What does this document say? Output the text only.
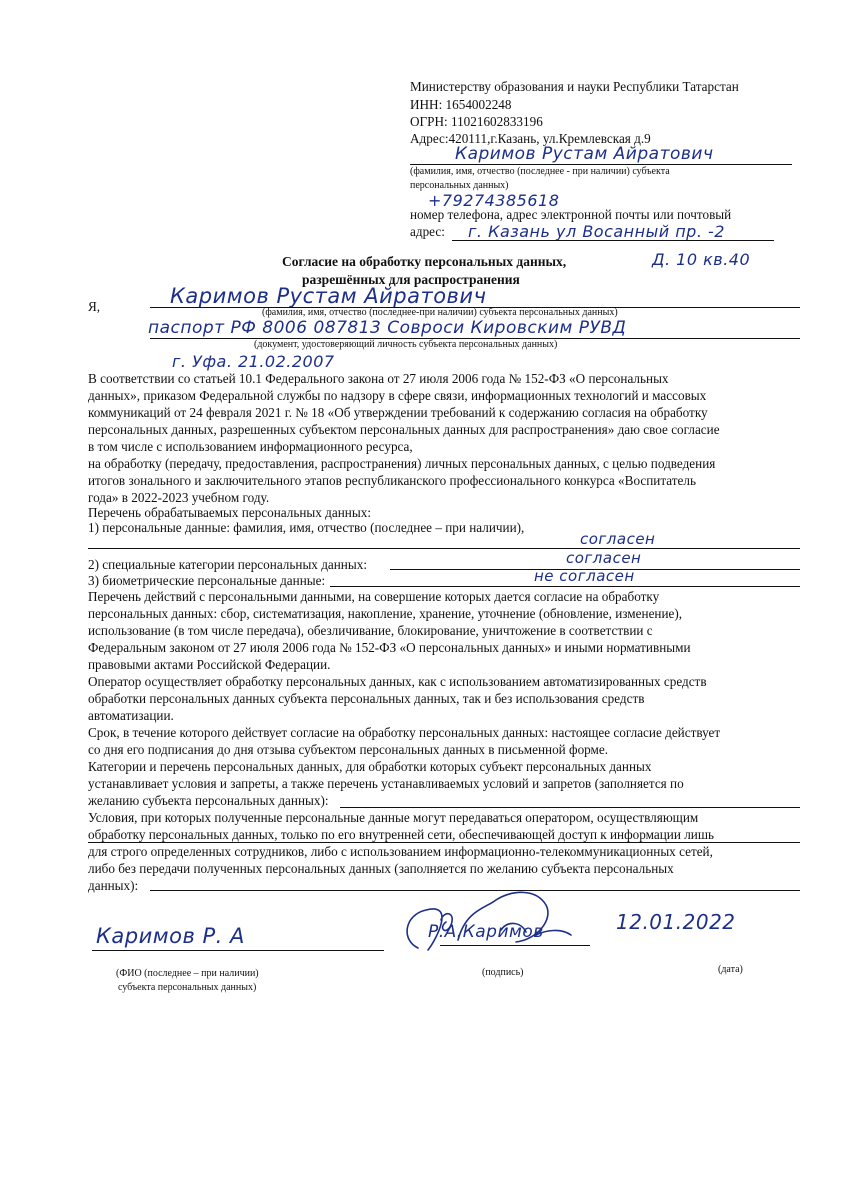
Министерству образования и науки Республики Татарстан
ИНН: 1654002248
ОГРН: 11021602833196
Адрес:420111,г.Казань, ул.Кремлевская д.9
Каримов Рустам Айратович
(фамилия, имя, отчество (последнее - при наличии) субъекта
персональных данных)
+79274385618
номер телефона, адрес электронной почты или почтовый
адрес: г. Казань ул Восанный пр. -2
Д. 10 кв.40
Согласие на обработку персональных данных,
разрешённых для распространения
Я,	Каримов Рустам Айратович
(фамилия, имя, отчество (последнее-при наличии) субъекта персональных данных)
паспорт РФ 8006 087813 Совроси Кировским РУВД
(документ, удостоверяющий личность субъекта персональных данных)
г. Уфа. 21.02.2007
В соответствии со статьей 10.1 Федерального закона от 27 июля 2006 года № 152-ФЗ «О персональных
данных», приказом Федеральной службы по надзору в сфере связи, информационных технологий и массовых
коммуникаций от 24 февраля 2021 г. № 18 «Об утверждении требований к содержанию согласия на обработку
персональных данных, разрешенных субъектом персональных данных для распространения» даю свое согласие
в том числе с использованием информационного ресурса,
на обработку (передачу, предоставления, распространения) личных персональных данных, с целью подведения
итогов зонального и заключительного этапов республиканского профессионального конкурса «Воспитатель
года» в 2022-2023 учебном году.
Перечень обрабатываемых персональных данных:
1) персональные данные: фамилия, имя, отчество (последнее – при наличии),
согласен
2) специальные категории персональных данных:	согласен
3) биометрические персональные данные:	не согласен
Перечень действий с персональными данными, на совершение которых дается согласие на обработку
персональных данных: сбор, систематизация, накопление, хранение, уточнение (обновление, изменение),
использование (в том числе передача), обезличивание, блокирование, уничтожение в соответствии с
Федеральным законом от 27 июля 2006 года № 152-ФЗ «О персональных данных» и иными нормативными
правовыми актами Российской Федерации.
Оператор осуществляет обработку персональных данных, как с использованием автоматизированных средств
обработки персональных данных субъекта персональных данных, так и без использования средств
автоматизации.
Срок, в течение которого действует согласие на обработку персональных данных: настоящее согласие действует
со дня его подписания до дня отзыва субъектом персональных данных в письменной форме.
Категории и перечень персональных данных, для обработки которых субъект персональных данных
устанавливает условия и запреты, а также перечень устанавливаемых условий и запретов (заполняется по
желанию субъекта персональных данных):
Условия, при которых полученные персональные данные могут передаваться оператором, осуществляющим
обработку персональных данных, только по его внутренней сети, обеспечивающей доступ к информации лишь
для строго определенных сотрудников, либо с использованием информационно-телекоммуникационных сетей,
либо без передачи полученных персональных данных (заполняется по желанию субъекта персональных
данных):
Каримов Р. А
(ФИО (последнее – при наличии)
субъекта персональных данных)
Р.А.Каримов
(подпись)
12.01.2022
(дата)
